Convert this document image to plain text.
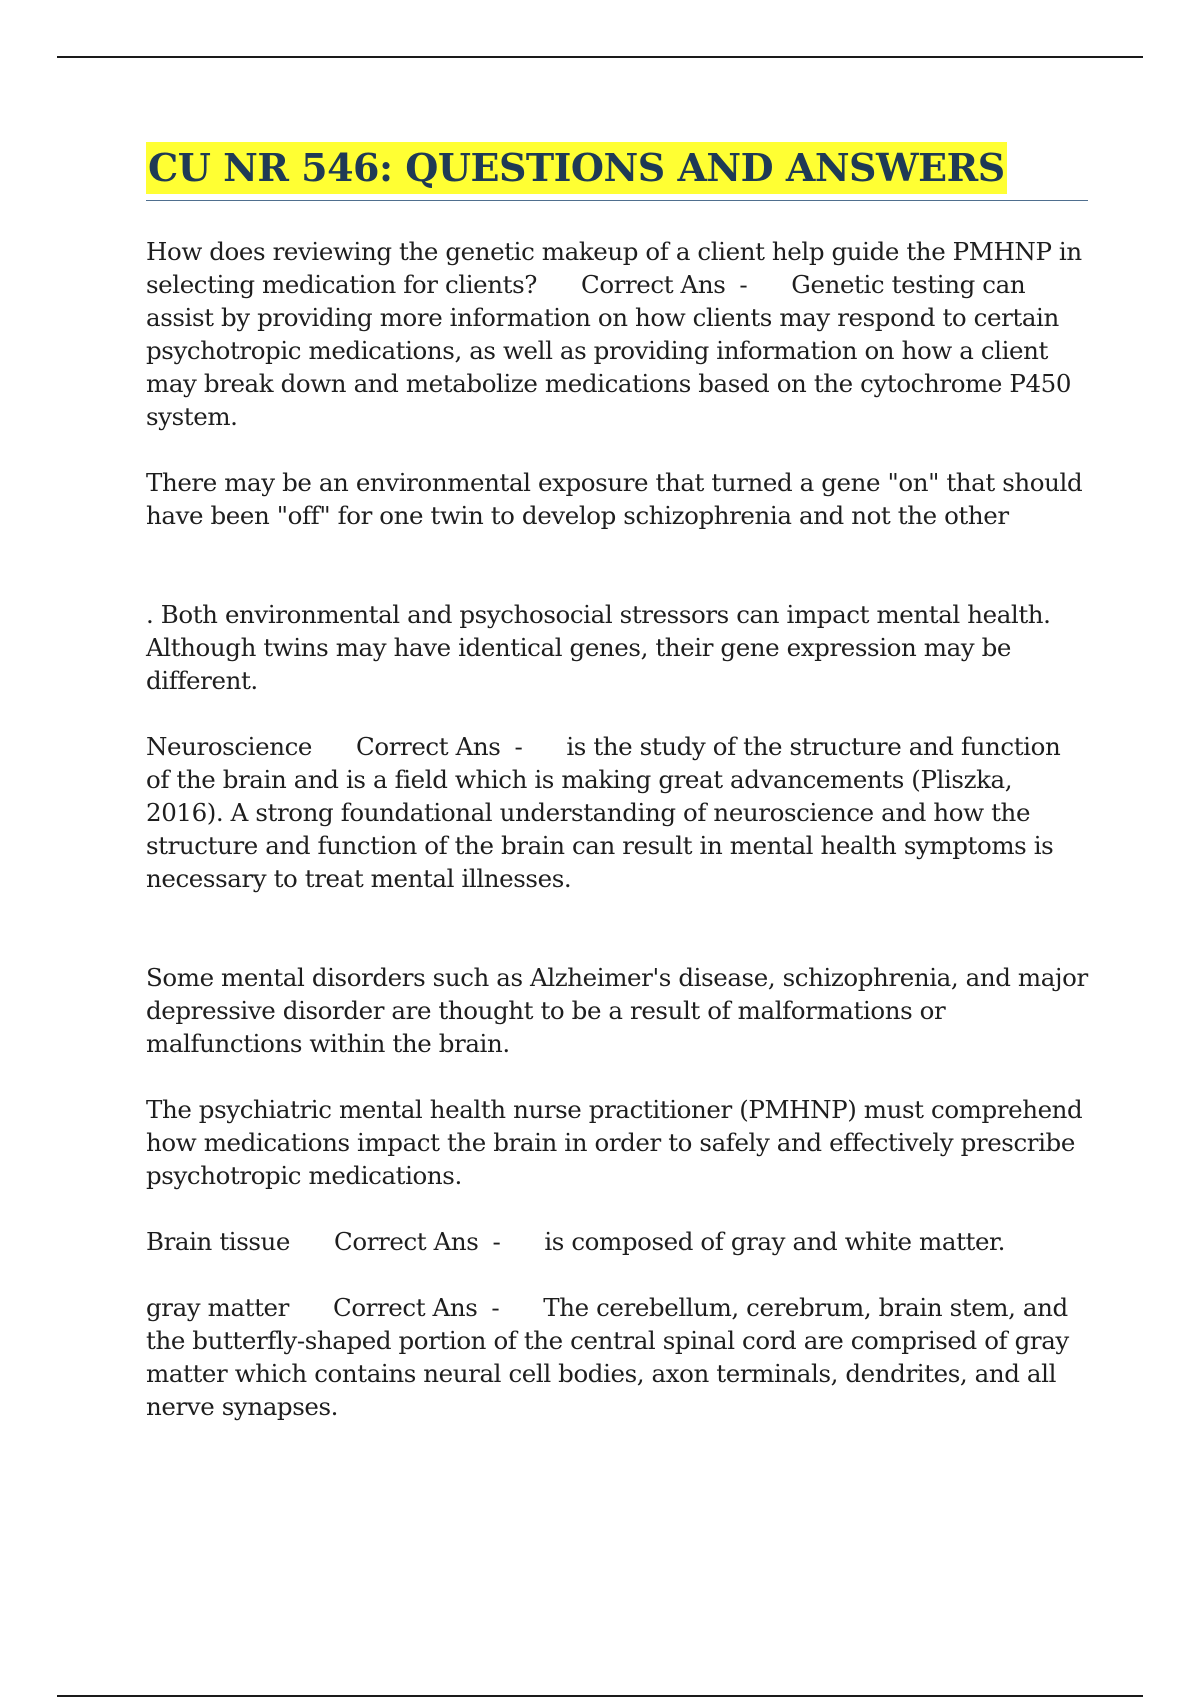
CU NR 546: QUESTIONS AND ANSWERS

How does reviewing the genetic makeup of a client help guide the PMHNP in selecting medication for clients? Correct Ans - Genetic testing can assist by providing more information on how clients may respond to certain psychotropic medications, as well as providing information on how a client may break down and metabolize medications based on the cytochrome P450 system.

There may be an environmental exposure that turned a gene "on" that should have been "off" for one twin to develop schizophrenia and not the other

. Both environmental and psychosocial stressors can impact mental health. Although twins may have identical genes, their gene expression may be different.

Neuroscience Correct Ans - is the study of the structure and function of the brain and is a field which is making great advancements (Pliszka, 2016). A strong foundational understanding of neuroscience and how the structure and function of the brain can result in mental health symptoms is necessary to treat mental illnesses.

Some mental disorders such as Alzheimer's disease, schizophrenia, and major depressive disorder are thought to be a result of malformations or malfunctions within the brain.

The psychiatric mental health nurse practitioner (PMHNP) must comprehend how medications impact the brain in order to safely and effectively prescribe psychotropic medications.

Brain tissue Correct Ans - is composed of gray and white matter.

gray matter Correct Ans - The cerebellum, cerebrum, brain stem, and the butterfly-shaped portion of the central spinal cord are comprised of gray matter which contains neural cell bodies, axon terminals, dendrites, and all nerve synapses.
